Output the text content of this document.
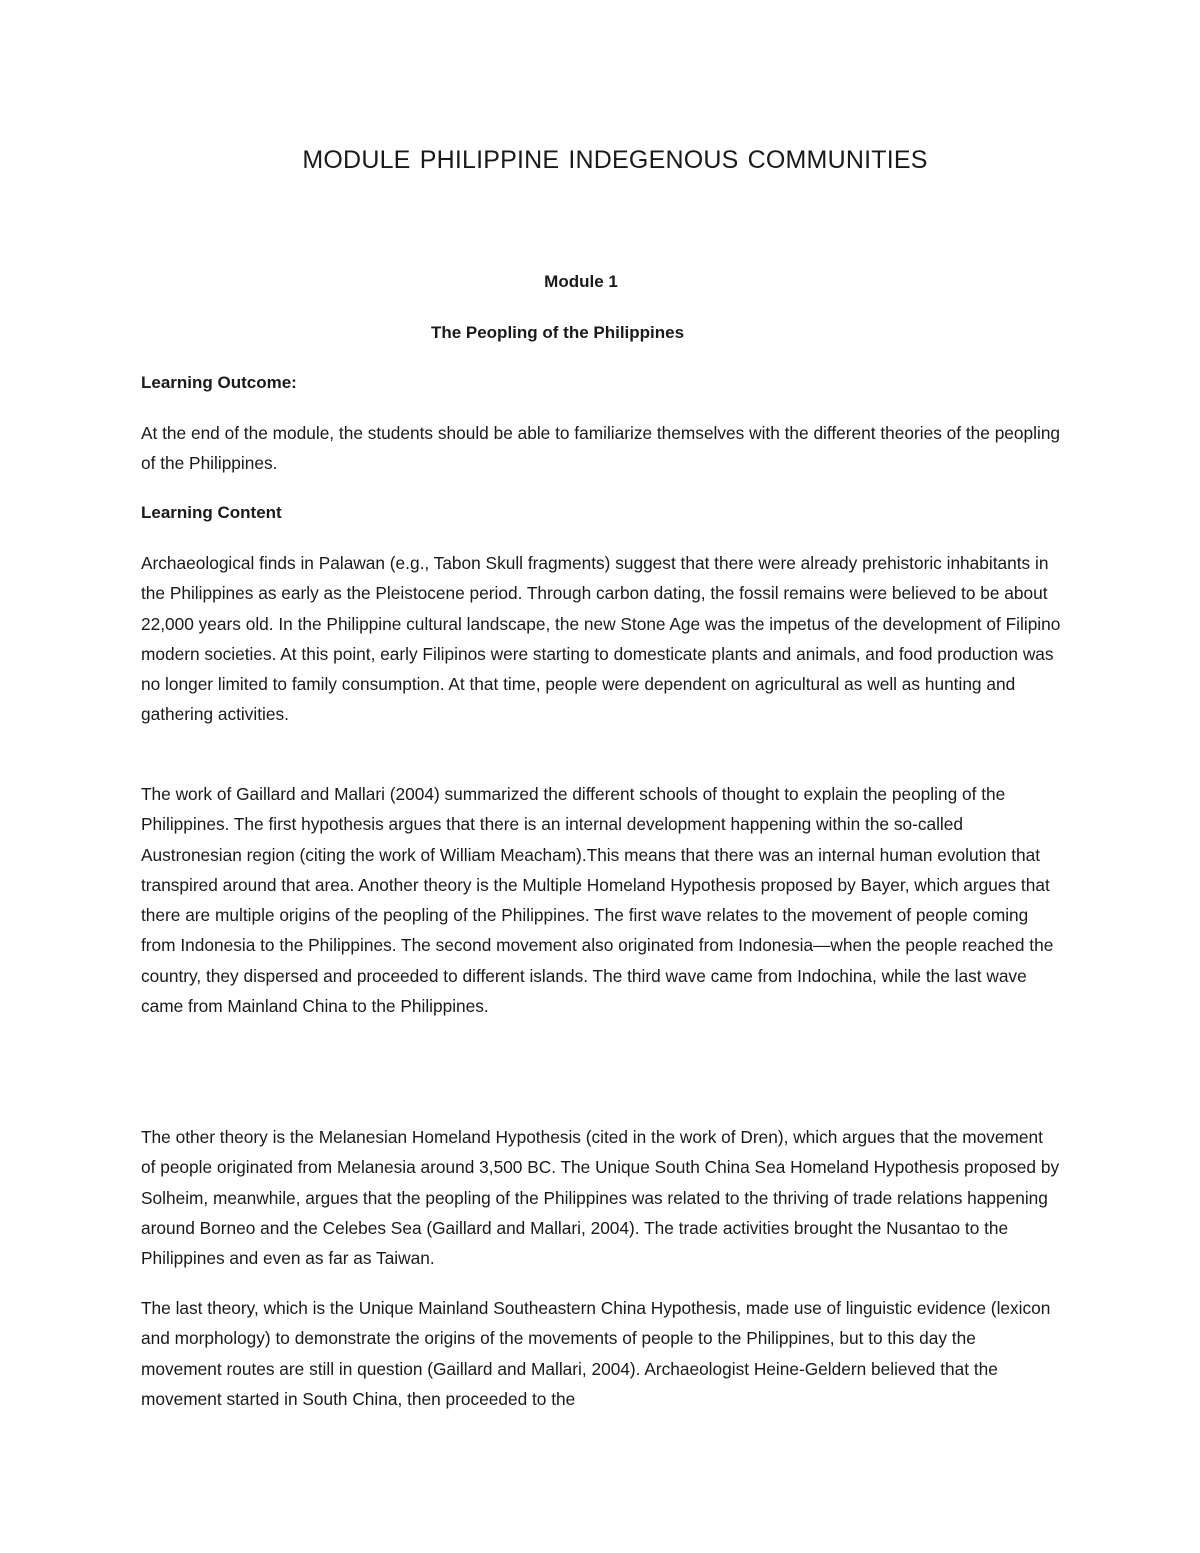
MODULE PHILIPPINE INDEGENOUS COMMUNITIES
Module 1
The Peopling of the Philippines
Learning Outcome:

At the end of the module, the students should be able to familiarize themselves with the different theories of the peopling of the Philippines.

Learning Content

Archaeological finds in Palawan (e.g., Tabon Skull fragments) suggest that there were already prehistoric inhabitants in the Philippines as early as the Pleistocene period. Through carbon dating, the fossil remains were believed to be about 22,000 years old. In the Philippine cultural landscape, the new Stone Age was the impetus of the development of Filipino modern societies. At this point, early Filipinos were starting to domesticate plants and animals, and food production was no longer limited to family consumption. At that time, people were dependent on agricultural as well as hunting and gathering activities.

The work of Gaillard and Mallari (2004) summarized the different schools of thought to explain the peopling of the Philippines. The first hypothesis argues that there is an internal development happening within the so-called Austronesian region (citing the work of William Meacham).This means that there was an internal human evolution that transpired around that area. Another theory is the Multiple Homeland Hypothesis proposed by Bayer, which argues that there are multiple origins of the peopling of the Philippines. The first wave relates to the movement of people coming from Indonesia to the Philippines. The second movement also originated from Indonesia—when the people reached the country, they dispersed and proceeded to different islands. The third wave came from Indochina, while the last wave came from Mainland China to the Philippines.

The other theory is the Melanesian Homeland Hypothesis (cited in the work of Dren), which argues that the movement of people originated from Melanesia around 3,500 BC. The Unique South China Sea Homeland Hypothesis proposed by Solheim, meanwhile, argues that the peopling of the Philippines was related to the thriving of trade relations happening around Borneo and the Celebes Sea (Gaillard and Mallari, 2004). The trade activities brought the Nusantao to the Philippines and even as far as Taiwan.

The last theory, which is the Unique Mainland Southeastern China Hypothesis, made use of linguistic evidence (lexicon and morphology) to demonstrate the origins of the movements of people to the Philippines, but to this day the movement routes are still in question (Gaillard and Mallari, 2004). Archaeologist Heine-Geldern believed that the movement started in South China, then proceeded to the
